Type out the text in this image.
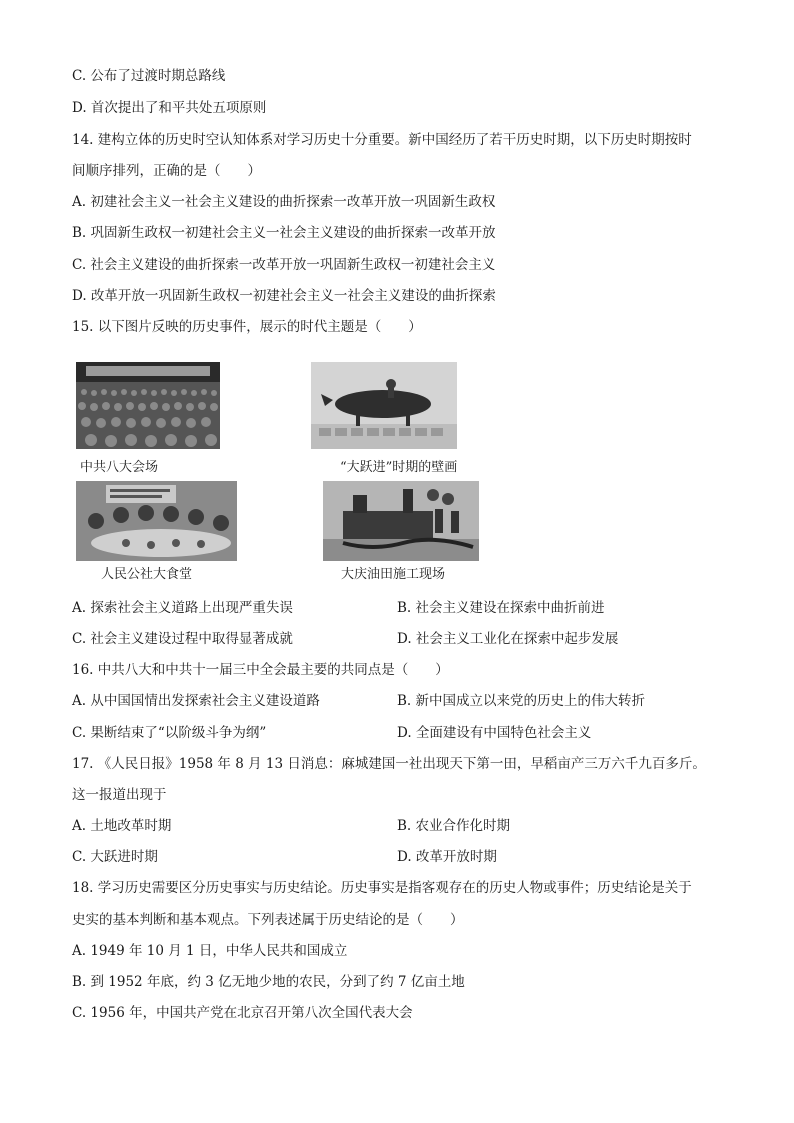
C. 公布了过渡时期总路线
D. 首次提出了和平共处五项原则
14. 建构立体的历史时空认知体系对学习历史十分重要。新中国经历了若干历史时期，以下历史时期按时
间顺序排列，正确的是（　　）
A. 初建社会主义一社会主义建设的曲折探索一改革开放一巩固新生政权
B. 巩固新生政权一初建社会主义一社会主义建设的曲折探索一改革开放
C. 社会主义建设的曲折探索一改革开放一巩固新生政权一初建社会主义
D. 改革开放一巩固新生政权一初建社会主义一社会主义建设的曲折探索
15. 以下图片反映的历史事件，展示的时代主题是（　　）
中共八大会场	“大跃进”时期的壁画
人民公社大食堂	大庆油田施工现场
A. 探索社会主义道路上出现严重失误	B. 社会主义建设在探索中曲折前进
C. 社会主义建设过程中取得显著成就	D. 社会主义工业化在探索中起步发展
16. 中共八大和中共十一届三中全会最主要的共同点是（　　）
A. 从中国国情出发探索社会主义建设道路	B. 新中国成立以来党的历史上的伟大转折
C. 果断结束了“以阶级斗争为纲”	D. 全面建设有中国特色社会主义
17. 《人民日报》1958 年 8 月 13 日消息：麻城建国一社出现天下第一田，早稻亩产三万六千九百多斤。
这一报道出现于
A. 土地改革时期	B. 农业合作化时期
C. 大跃进时期	D. 改革开放时期
18. 学习历史需要区分历史事实与历史结论。历史事实是指客观存在的历史人物或事件；历史结论是关于
史实的基本判断和基本观点。下列表述属于历史结论的是（　　）
A. 1949 年 10 月 1 日，中华人民共和国成立
B. 到 1952 年底，约 3 亿无地少地的农民，分到了约 7 亿亩土地
C. 1956 年，中国共产党在北京召开第八次全国代表大会
